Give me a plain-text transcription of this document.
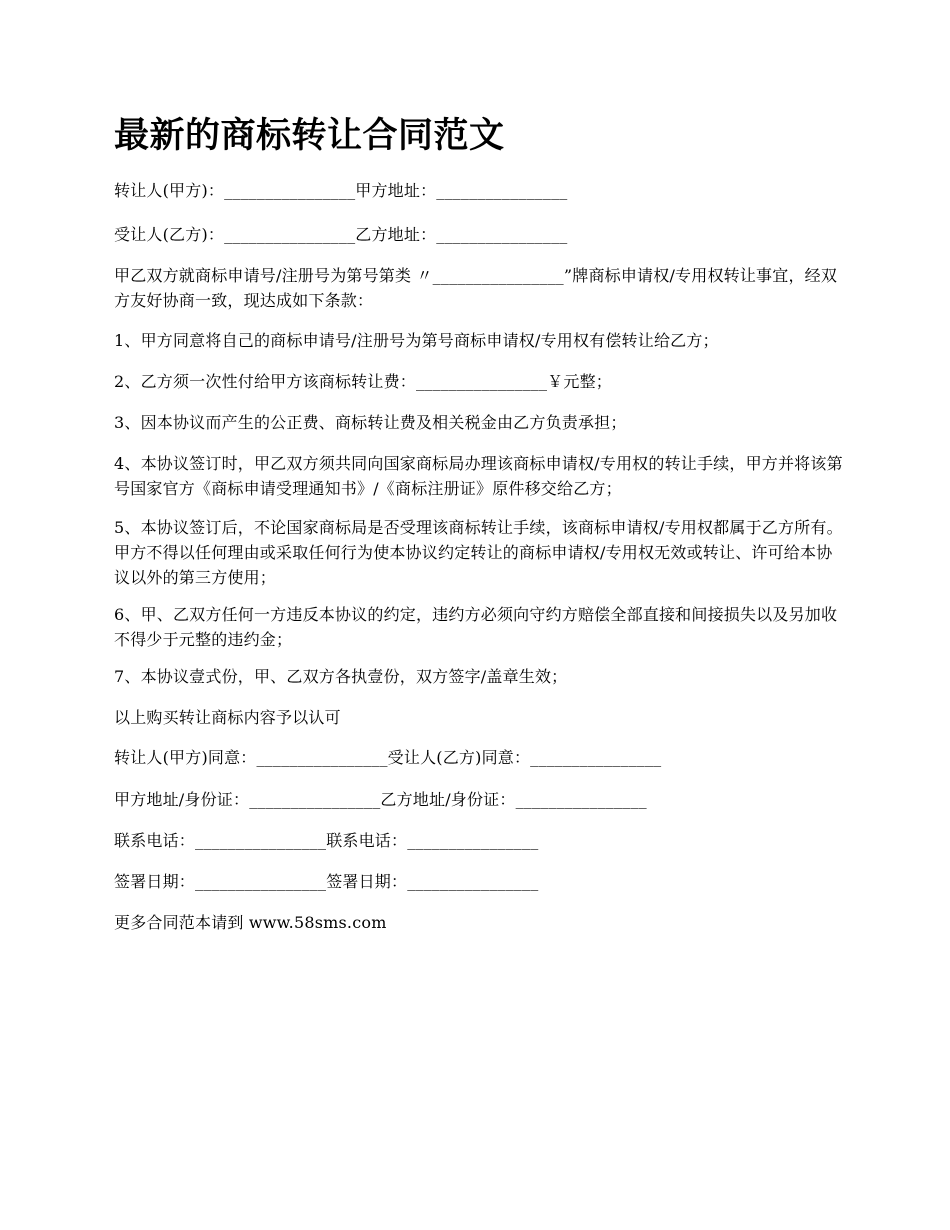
最新的商标转让合同范文

转让人(甲方)：________________甲方地址：________________

受让人(乙方)：________________乙方地址：________________

甲乙双方就商标申请号/注册号为第号第类 〃________________”牌商标申请权/专用权转让事宜，经双方友好协商一致，现达成如下条款：

1、甲方同意将自己的商标申请号/注册号为第号商标申请权/专用权有偿转让给乙方；

2、乙方须一次性付给甲方该商标转让费：________________￥元整；

3、因本协议而产生的公正费、商标转让费及相关税金由乙方负责承担；

4、本协议签订时，甲乙双方须共同向国家商标局办理该商标申请权/专用权的转让手续，甲方并将该第号国家官方《商标申请受理通知书》/《商标注册证》原件移交给乙方；

5、本协议签订后，不论国家商标局是否受理该商标转让手续，该商标申请权/专用权都属于乙方所有。甲方不得以任何理由或采取任何行为使本协议约定转让的商标申请权/专用权无效或转让、许可给本协议以外的第三方使用；

6、甲、乙双方任何一方违反本协议的约定，违约方必须向守约方赔偿全部直接和间接损失以及另加收不得少于元整的违约金；

7、本协议壹式份，甲、乙双方各执壹份，双方签字/盖章生效；

以上购买转让商标内容予以认可

转让人(甲方)同意：________________受让人(乙方)同意：________________

甲方地址/身份证：________________乙方地址/身份证：________________

联系电话：________________联系电话：________________

签署日期：________________签署日期：________________

更多合同范本请到 www.58sms.com
